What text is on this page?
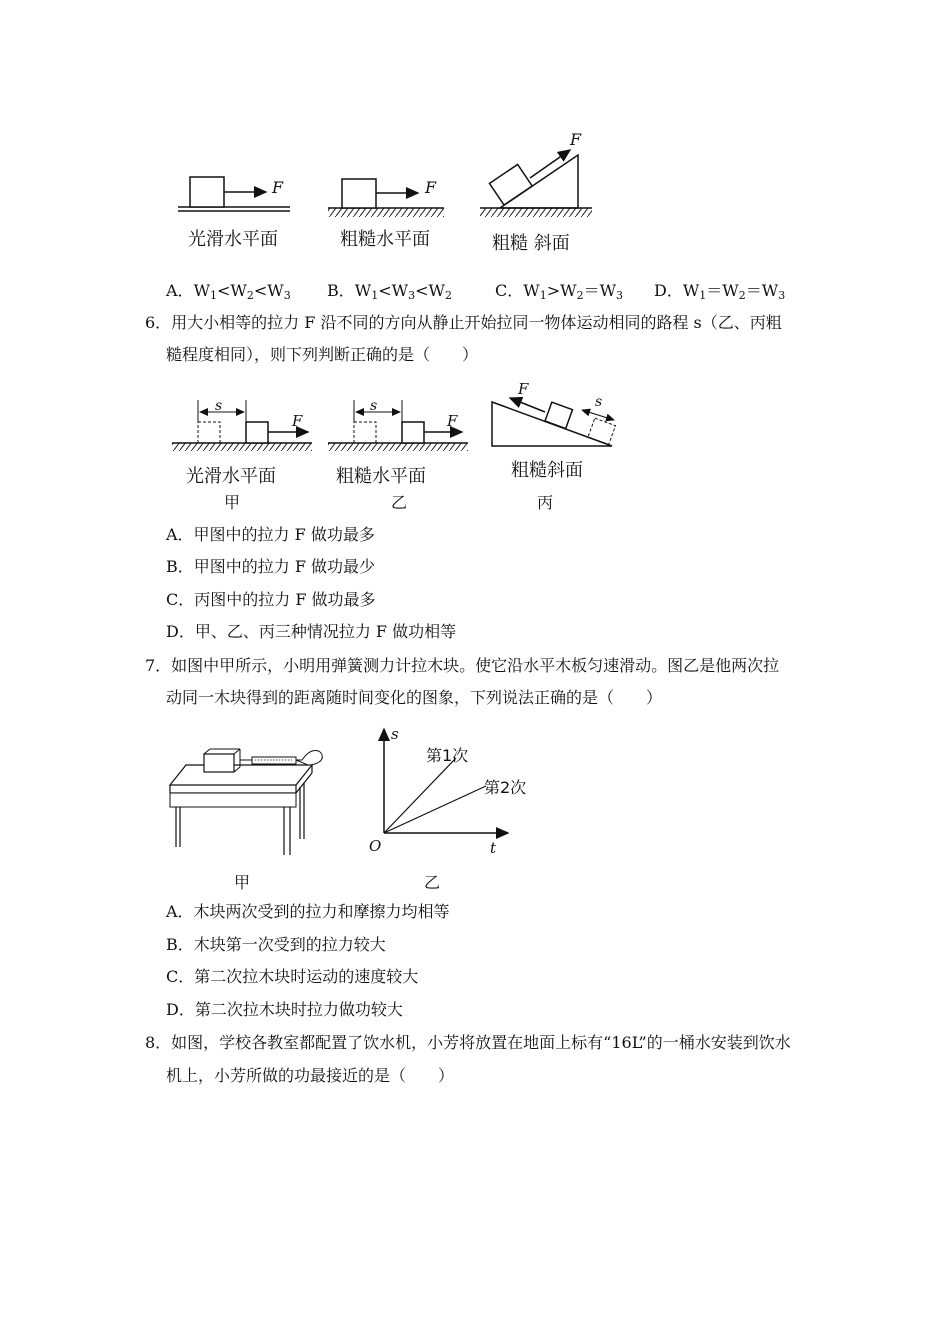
F	F
F
光滑水平面	粗糙水平面	粗糙 斜面
A．$W_1<W_2<W_3$ B．$W_1<W_3<W_2$	C．$W_1>W_2=W_3$ D．$W_1=W_2=W_3$
6．用大小相等的拉力 F 沿不同的方向从静止开始拉同一物体运动相同的路程 s（乙、丙粗
糙程度相同），则下列判断正确的是（　　）
F	F
F
s	s	s
光滑水平面	粗糙水平面	粗糙斜面
甲	乙	丙
A．甲图中的拉力 F 做功最多
B．甲图中的拉力 F 做功最少
C．丙图中的拉力 F 做功最多
D．甲、乙、丙三种情况拉力 F 做功相等
7．如图中甲所示，小明用弹簧测力计拉木块。使它沿水平木板匀速滑动。图乙是他两次拉
动同一木块得到的距离随时间变化的图象，下列说法正确的是（　　）
s
t
O
第1次
第2次
甲	乙
A．木块两次受到的拉力和摩擦力均相等
B．木块第一次受到的拉力较大
C．第二次拉木块时运动的速度较大
D．第二次拉木块时拉力做功较大
8．如图，学校各教室都配置了饮水机，小芳将放置在地面上标有“16L”的一桶水安装到饮水
机上，小芳所做的功最接近的是（　　）
